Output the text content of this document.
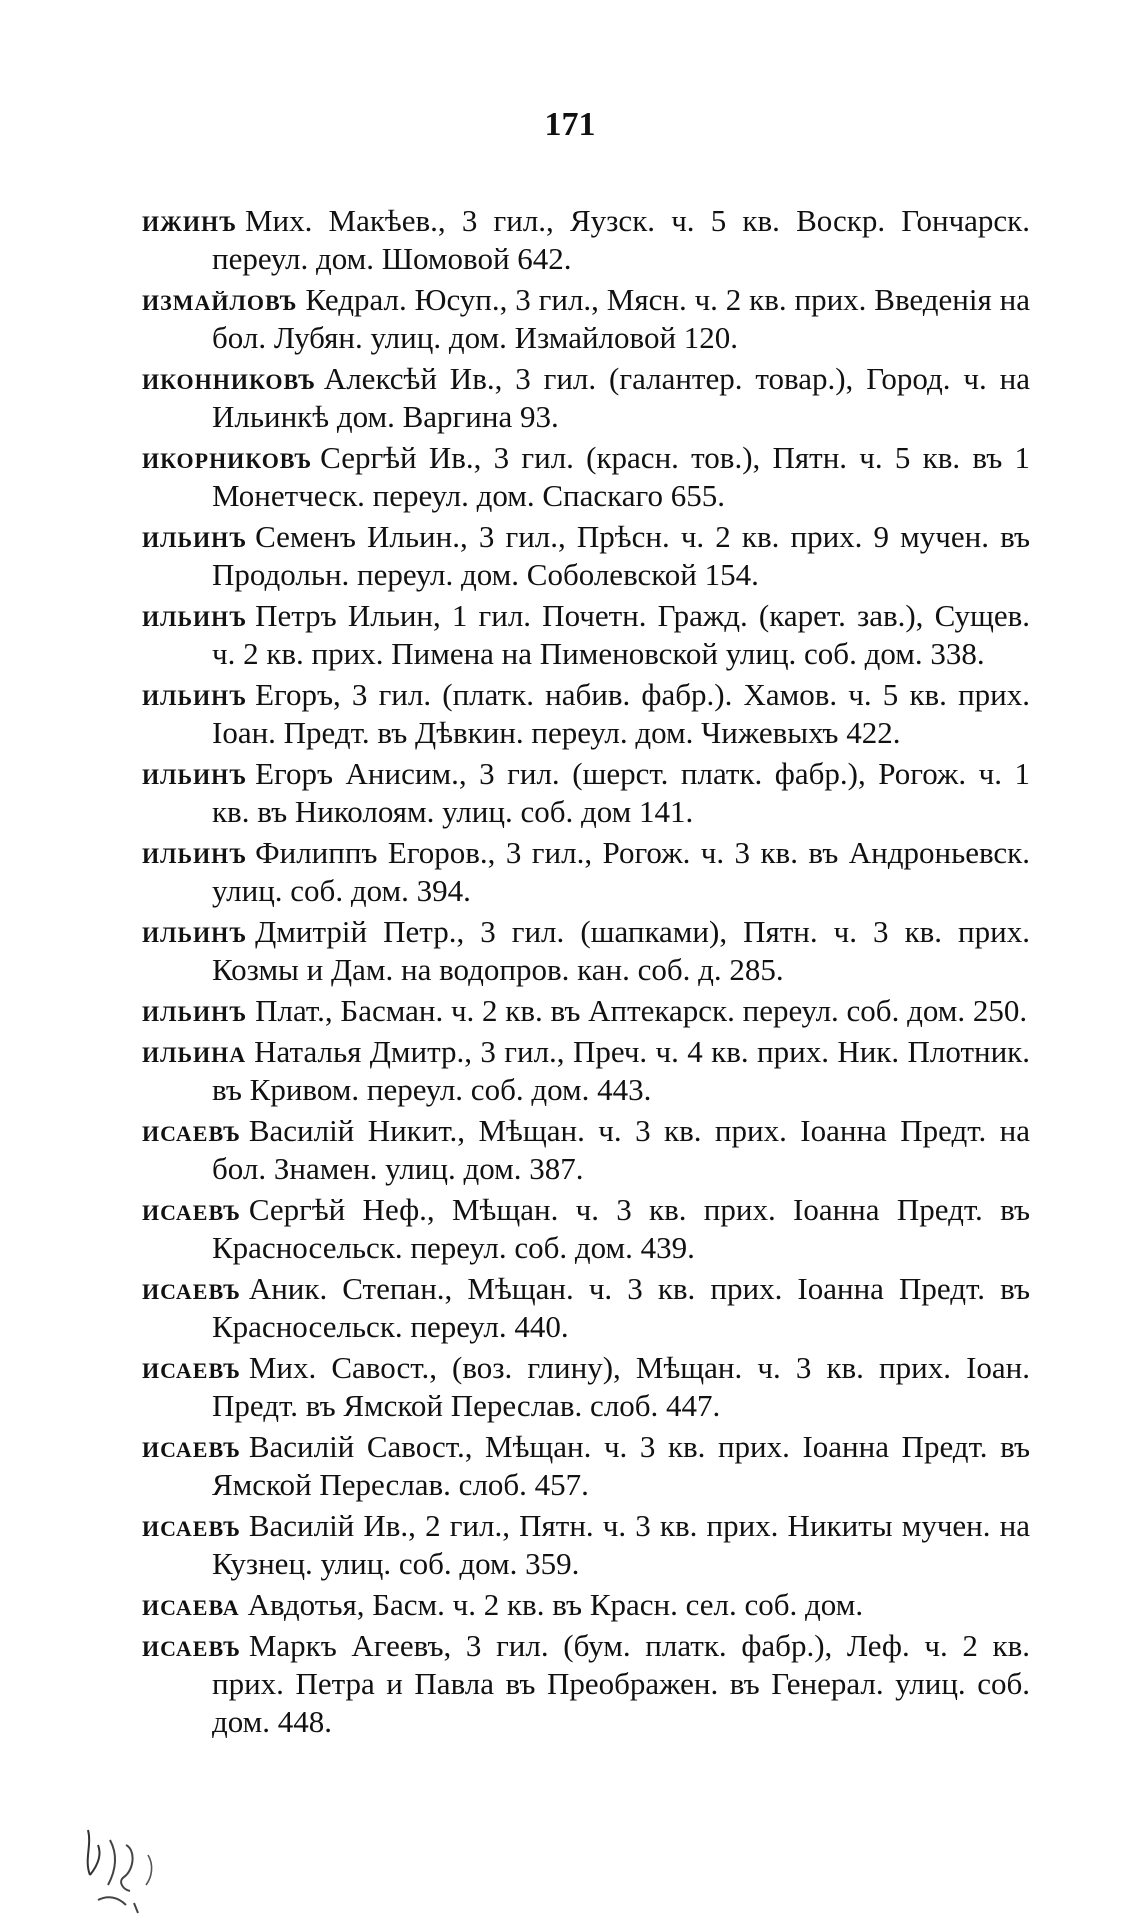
171

ижинъ Мих. Макѣев., 3 гил., Яузск. ч. 5 кв. Воскр. Гончарск. переул. дом. Шомовой 642.

измайловъ Кедрал. Юсуп., 3 гил., Мясн. ч. 2 кв. прих. Введенія на бол. Лубян. улиц. дом. Измайловой 120.

иконниковъ Алексѣй Ив., 3 гил. (галантер. товар.), Город. ч. на Ильинкѣ дом. Варгина 93.

икорниковъ Сергѣй Ив., 3 гил. (красн. тов.), Пятн. ч. 5 кв. въ 1 Монетческ. переул. дом. Спаскаго 655.

ильинъ Семенъ Ильин., 3 гил., Прѣсн. ч. 2 кв. прих. 9 мучен. въ Продольн. переул. дом. Соболевской 154.

ильинъ Петръ Ильин, 1 гил. Почетн. Гражд. (карет. зав.), Сущев. ч. 2 кв. прих. Пимена на Пименовской улиц. соб. дом. 338.

ильинъ Егоръ, 3 гил. (платк. набив. фабр.). Хамов. ч. 5 кв. прих. Іоан. Предт. въ Дѣвкин. переул. дом. Чижевыхъ 422.

ильинъ Егоръ Анисим., 3 гил. (шерст. платк. фабр.), Рогож. ч. 1 кв. въ Николоям. улиц. соб. дом 141.

ильинъ Филиппъ Егоров., 3 гил., Рогож. ч. 3 кв. въ Андроньевск. улиц. соб. дом. 394.

ильинъ Дмитрій Петр., 3 гил. (шапками), Пятн. ч. 3 кв. прих. Козмы и Дам. на водопров. кан. соб. д. 285.

ильинъ Плат., Басман. ч. 2 кв. въ Аптекарск. переул. соб. дом. 250.

ильина Наталья Дмитр., 3 гил., Преч. ч. 4 кв. прих. Ник. Плотник. въ Кривом. переул. соб. дом. 443.

исаевъ Василій Никит., Мѣщан. ч. 3 кв. прих. Іоанна Предт. на бол. Знамен. улиц. дом. 387.

исаевъ Сергѣй Неф., Мѣщан. ч. 3 кв. прих. Іоанна Предт. въ Красносельск. переул. соб. дом. 439.

исаевъ Аник. Степан., Мѣщан. ч. 3 кв. прих. Іоанна Предт. въ Красносельск. переул. 440.

исаевъ Мих. Савост., (воз. глину), Мѣщан. ч. 3 кв. прих. Іоан. Предт. въ Ямской Переслав. слоб. 447.

исаевъ Василій Савост., Мѣщан. ч. 3 кв. прих. Іоанна Предт. въ Ямской Переслав. слоб. 457.

исаевъ Василій Ив., 2 гил., Пятн. ч. 3 кв. прих. Никиты мучен. на Кузнец. улиц. соб. дом. 359.

исаева Авдотья, Басм. ч. 2 кв. въ Красн. сел. соб. дом.

исаевъ Маркъ Агеевъ, 3 гил. (бум. платк. фабр.), Леф. ч. 2 кв. прих. Петра и Павла въ Преображен. въ Генерал. улиц. соб. дом. 448.
